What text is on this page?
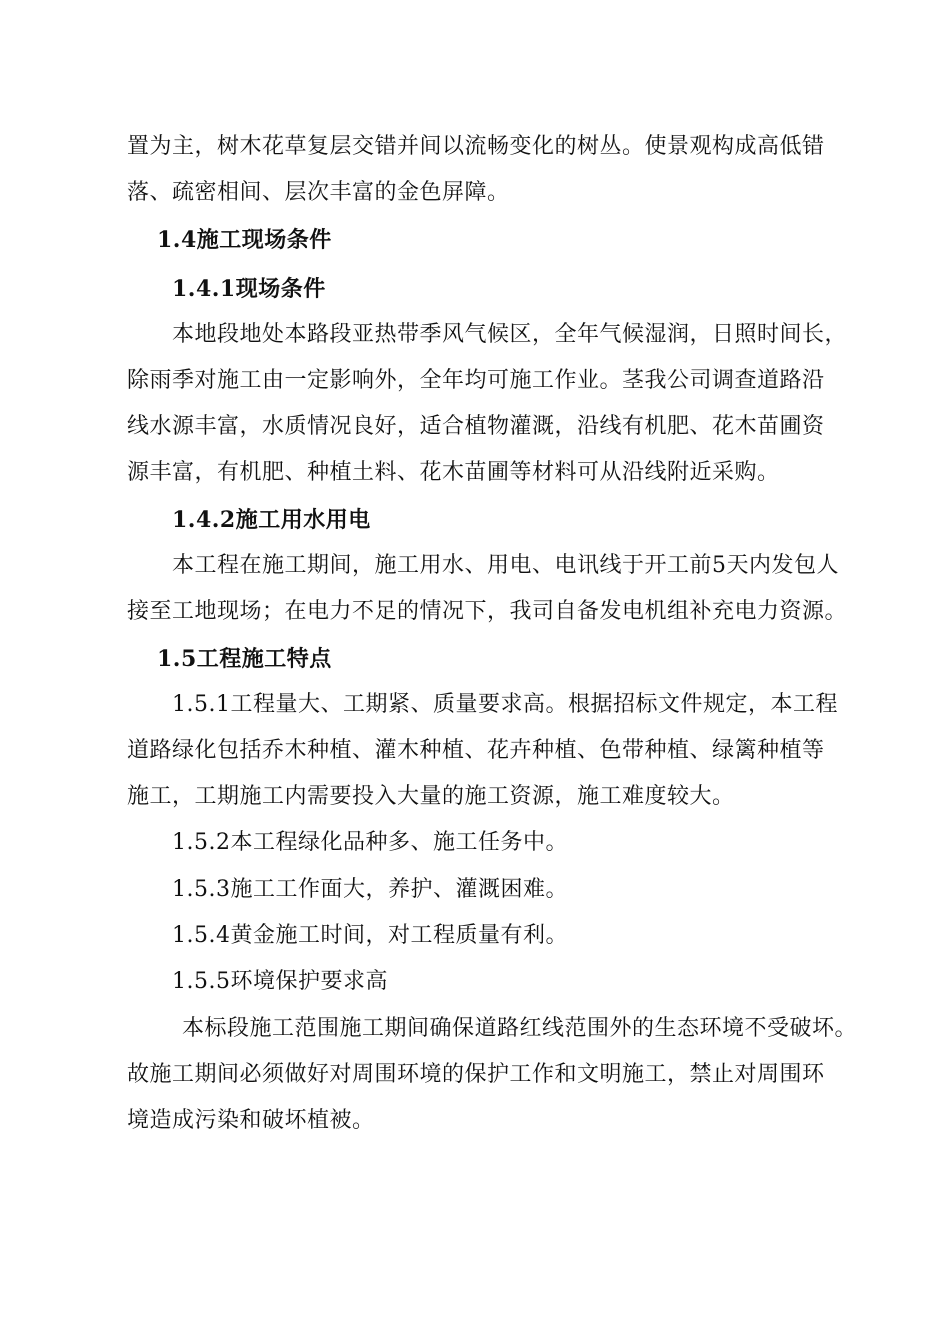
置为主，树木花草复层交错并间以流畅变化的树丛。使景观构成高低错
落、疏密相间、层次丰富的金色屏障。
1.4施工现场条件
1.4.1现场条件
本地段地处本路段亚热带季风气候区，全年气候湿润，日照时间长，
除雨季对施工由一定影响外，全年均可施工作业。茎我公司调查道路沿
线水源丰富，水质情况良好，适合植物灌溉，沿线有机肥、花木苗圃资
源丰富，有机肥、种植土料、花木苗圃等材料可从沿线附近采购。
1.4.2施工用水用电
本工程在施工期间，施工用水、用电、电讯线于开工前5天内发包人
接至工地现场；在电力不足的情况下，我司自备发电机组补充电力资源。
1.5工程施工特点
1.5.1工程量大、工期紧、质量要求高。根据招标文件规定，本工程
道路绿化包括乔木种植、灌木种植、花卉种植、色带种植、绿篱种植等
施工，工期施工内需要投入大量的施工资源，施工难度较大。
1.5.2本工程绿化品种多、施工任务中。
1.5.3施工工作面大，养护、灌溉困难。
1.5.4黄金施工时间，对工程质量有利。
1.5.5环境保护要求高
本标段施工范围施工期间确保道路红线范围外的生态环境不受破坏。
故施工期间必须做好对周围环境的保护工作和文明施工，禁止对周围环
境造成污染和破坏植被。
